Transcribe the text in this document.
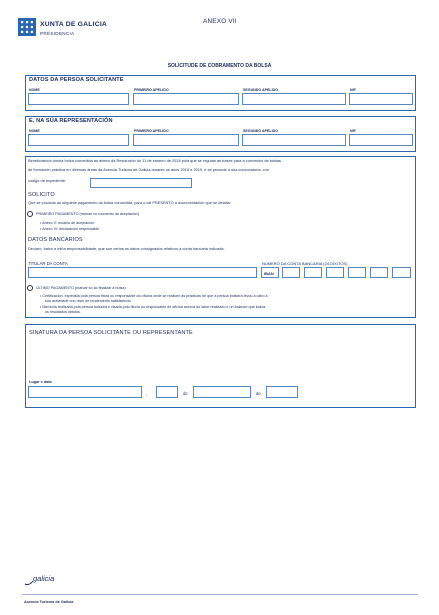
XUNTA DE GALICIA
PRESIDENCIA
ANEXO VII
SOLICITUDE DE COBRAMENTO DA BOLSA
DATOS DA PERSOA SOLICITANTE
NOME	PRIMEIRO APELIDO	SEGUNDO APELIDO	NIF
E, NA SÚA REPRESENTACIÓN
NOME	PRIMEIRO APELIDO	SEGUNDO APELIDO	NIF
Beneficiario/a dunha bolsa concedida ao abeiro da Resolución do 11 de xaneiro de 2018 pola que se regulan as bases para a concesión de bolsas
de formación práctica en diversas áreas da Axencia Turismo de Galicia durante os anos 2018 e 2019, e se procede á súa convocatoria, con
código de expediente:
SOLICITO
Que se proceda ao seguinte pagamento da bolsa concedida, para o cal PRESENTO a documentación que se detalla:
PRIMEIRO PAGAMENTO (marcar no momento da aceptación)
• Anexo V: modelo de aceptación
• Anexo VI: declaración responsable
DATOS BANCARIOS
Declaro, baixo a miña responsabilidade, que son certos os datos consignados relativos á conta bancaria indicada.
TITULAR DA CONTA	NÚMERO DA CONTA BANCARIA (24 DÍXITOS)
IBAN
ÚLTIMO PAGAMENTO (marcar só ao finalizar a bolsa)
• Certificación, expedida pola persoa titora ou responsable da oficina onde se realicen as prácticas de que a persoa bolseira levou a cabo a
súa actividade cun nivel de rendemento satisfactorio.
• Memoria realizada pola persoa bolseira e visada polo titor/a ou responsable de oficina acerca do labor realizado e un balance que inclúa
os resultados obtidos.
SINATURA DA PERSOA SOLICITANTE OU REPRESENTANTE
Lugar e data
,	de	de
galicia
Axencia Turismo de Galicia
